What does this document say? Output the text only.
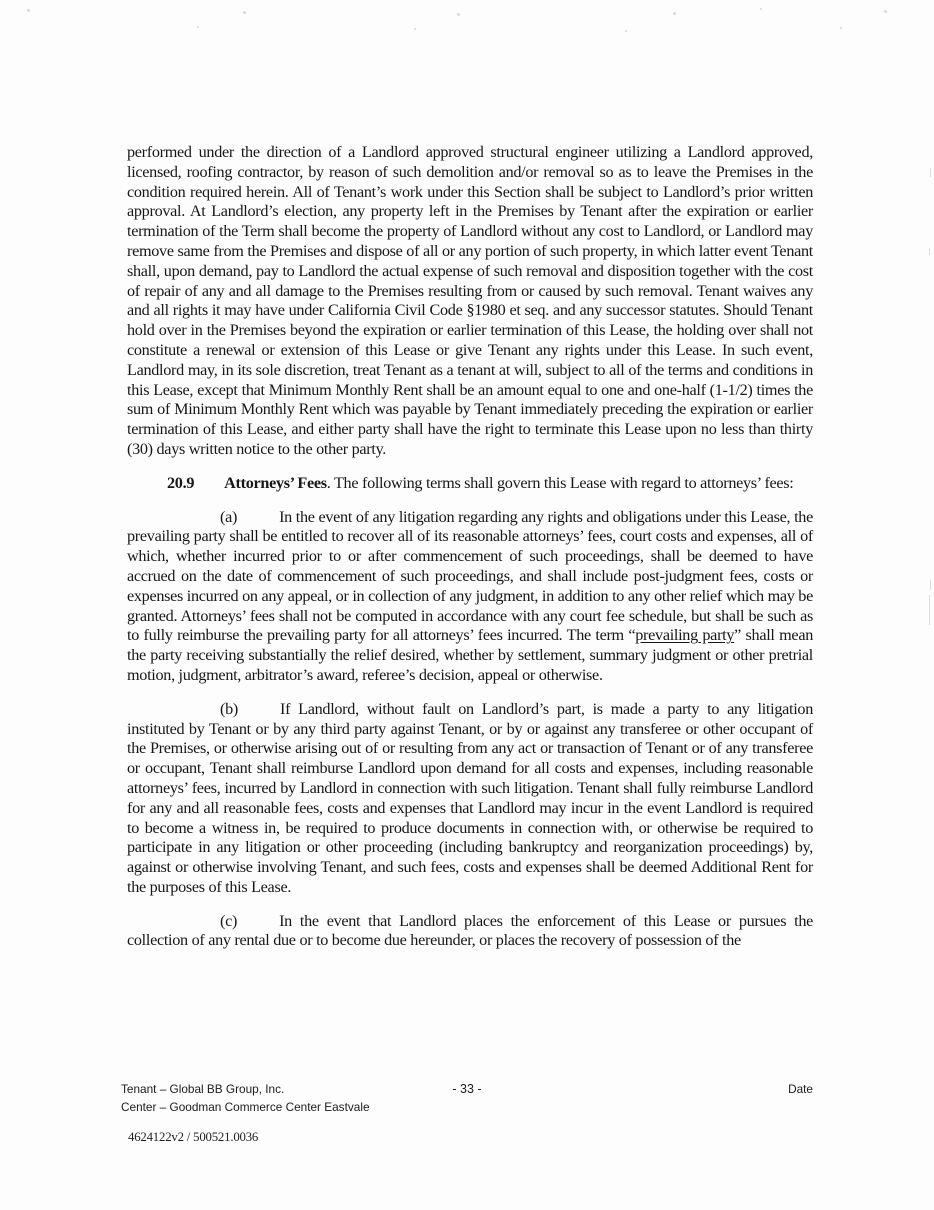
performed under the direction of a Landlord approved structural engineer utilizing a Landlord approved, licensed, roofing contractor, by reason of such demolition and/or removal so as to leave the Premises in the condition required herein. All of Tenant’s work under this Section shall be subject to Landlord’s prior written approval. At Landlord’s election, any property left in the Premises by Tenant after the expiration or earlier termination of the Term shall become the property of Landlord without any cost to Landlord, or Landlord may remove same from the Premises and dispose of all or any portion of such property, in which latter event Tenant shall, upon demand, pay to Landlord the actual expense of such removal and disposition together with the cost of repair of any and all damage to the Premises resulting from or caused by such removal. Tenant waives any and all rights it may have under California Civil Code §1980 et seq. and any successor statutes. Should Tenant hold over in the Premises beyond the expiration or earlier termination of this Lease, the holding over shall not constitute a renewal or extension of this Lease or give Tenant any rights under this Lease. In such event, Landlord may, in its sole discretion, treat Tenant as a tenant at will, subject to all of the terms and conditions in this Lease, except that Minimum Monthly Rent shall be an amount equal to one and one-half (1-1/2) times the sum of Minimum Monthly Rent which was payable by Tenant immediately preceding the expiration or earlier termination of this Lease, and either party shall have the right to terminate this Lease upon no less than thirty (30) days written notice to the other party.

20.9 Attorneys’ Fees. The following terms shall govern this Lease with regard to attorneys’ fees:

(a)	In the event of any litigation regarding any rights and obligations under this Lease, the prevailing party shall be entitled to recover all of its reasonable attorneys’ fees, court costs and expenses, all of which, whether incurred prior to or after commencement of such proceedings, shall be deemed to have accrued on the date of commencement of such proceedings, and shall include post-judgment fees, costs or expenses incurred on any appeal, or in collection of any judgment, in addition to any other relief which may be granted. Attorneys’ fees shall not be computed in accordance with any court fee schedule, but shall be such as to fully reimburse the prevailing party for all attorneys’ fees incurred. The term “prevailing party” shall mean the party receiving substantially the relief desired, whether by settlement, summary judgment or other pretrial motion, judgment, arbitrator’s award, referee’s decision, appeal or otherwise.

(b)	If Landlord, without fault on Landlord’s part, is made a party to any litigation instituted by Tenant or by any third party against Tenant, or by or against any transferee or other occupant of the Premises, or otherwise arising out of or resulting from any act or transaction of Tenant or of any transferee or occupant, Tenant shall reimburse Landlord upon demand for all costs and expenses, including reasonable attorneys’ fees, incurred by Landlord in connection with such litigation. Tenant shall fully reimburse Landlord for any and all reasonable fees, costs and expenses that Landlord may incur in the event Landlord is required to become a witness in, be required to produce documents in connection with, or otherwise be required to participate in any litigation or other proceeding (including bankruptcy and reorganization proceedings) by, against or otherwise involving Tenant, and such fees, costs and expenses shall be deemed Additional Rent for the purposes of this Lease.

(c)	In the event that Landlord places the enforcement of this Lease or pursues the collection of any rental due or to become due hereunder, or places the recovery of possession of the

Tenant – Global BB Group, Inc.
Center – Goodman Commerce Center Eastvale
- 33 -	Date
4624122v2 / 500521.0036
